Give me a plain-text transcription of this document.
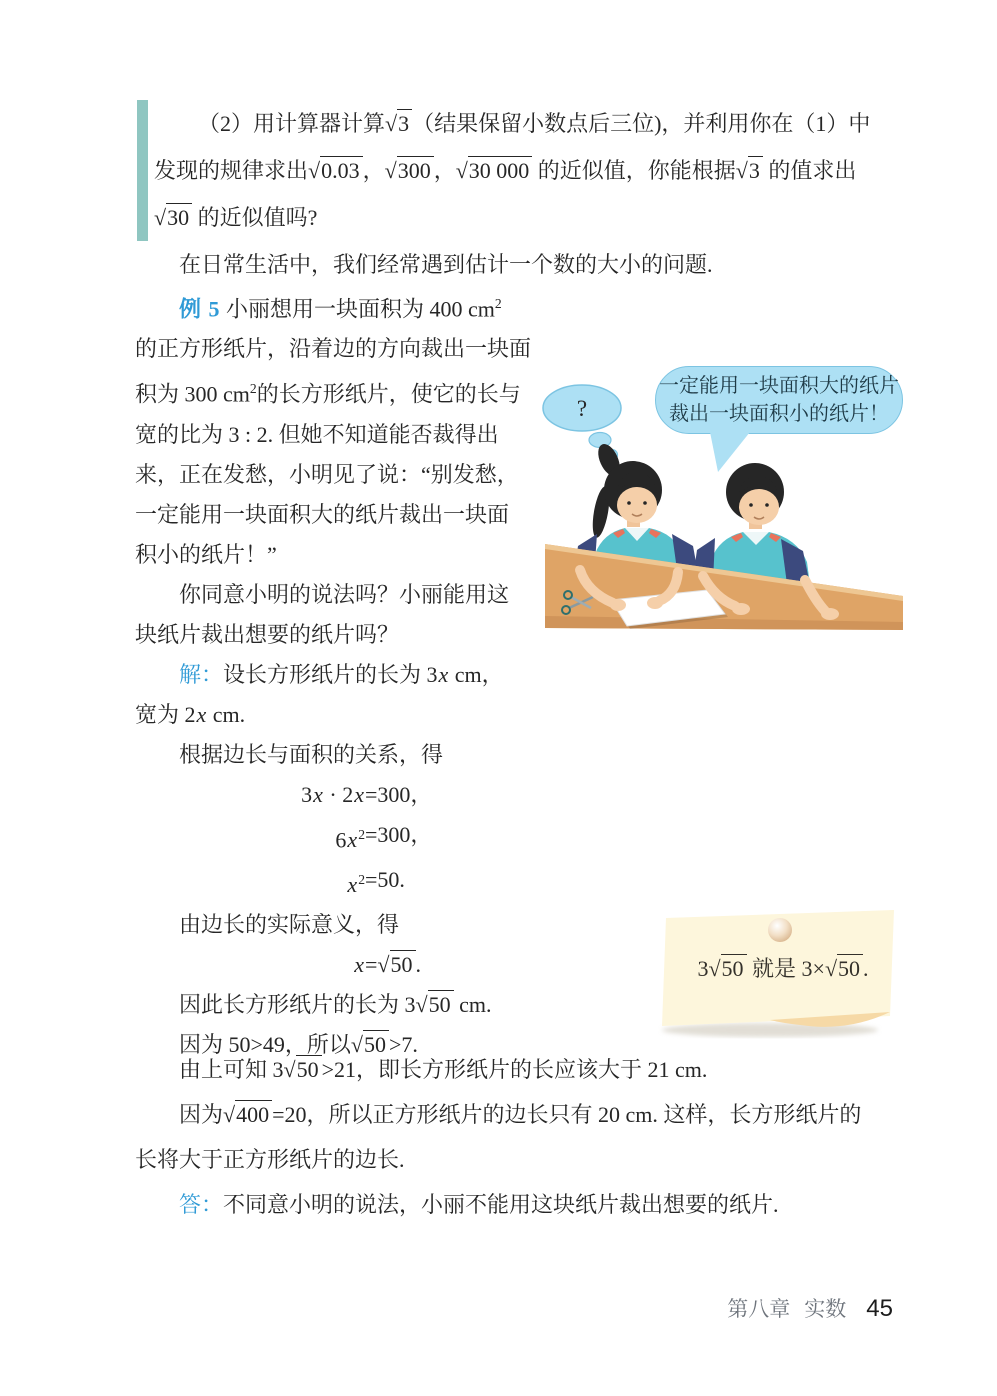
（2）用计算器计算√3 （结果保留小数点后三位)，并利用你在（1）中
发现的规律求出√0.03 ，√300 ，√30 000 的近似值，你能根据√3 的值求出
√30 的近似值吗?
在日常生活中，我们经常遇到估计一个数的大小的问题.
例 5 小丽想用一块面积为 400 $cm^2$
的正方形纸片，沿着边的方向裁出一块面
积为 300 $cm^2$的长方形纸片，使它的长与
宽的比为 3 : 2. 但她不知道能否裁得出
来，正在发愁，小明见了说：“别发愁，
一定能用一块面积大的纸片裁出一块面
积小的纸片！”
你同意小明的说法吗？小丽能用这
块纸片裁出想要的纸片吗？
解：设长方形纸片的长为 3x cm，
宽为 2x cm.
根据边长与面积的关系，得
3x · 2x =300，
$6x^2 =300$，
$x^2 =50$.
由边长的实际意义，得
x =√50 .
因此长方形纸片的长为 3√50 cm.
因为 50>49，所以√50 >7.
由上可知 3√50 >21，即长方形纸片的长应该大于 21 cm.
因为√400 =20，所以正方形纸片的边长只有 20 cm. 这样，长方形纸片的
长将大于正方形纸片的边长.
答：不同意小明的说法，小丽不能用这块纸片裁出想要的纸片.
一定能用一块面积大的纸片
裁出一块面积小的纸片！
?
3√50 就是 3×√50 .
第八章 实数 45
